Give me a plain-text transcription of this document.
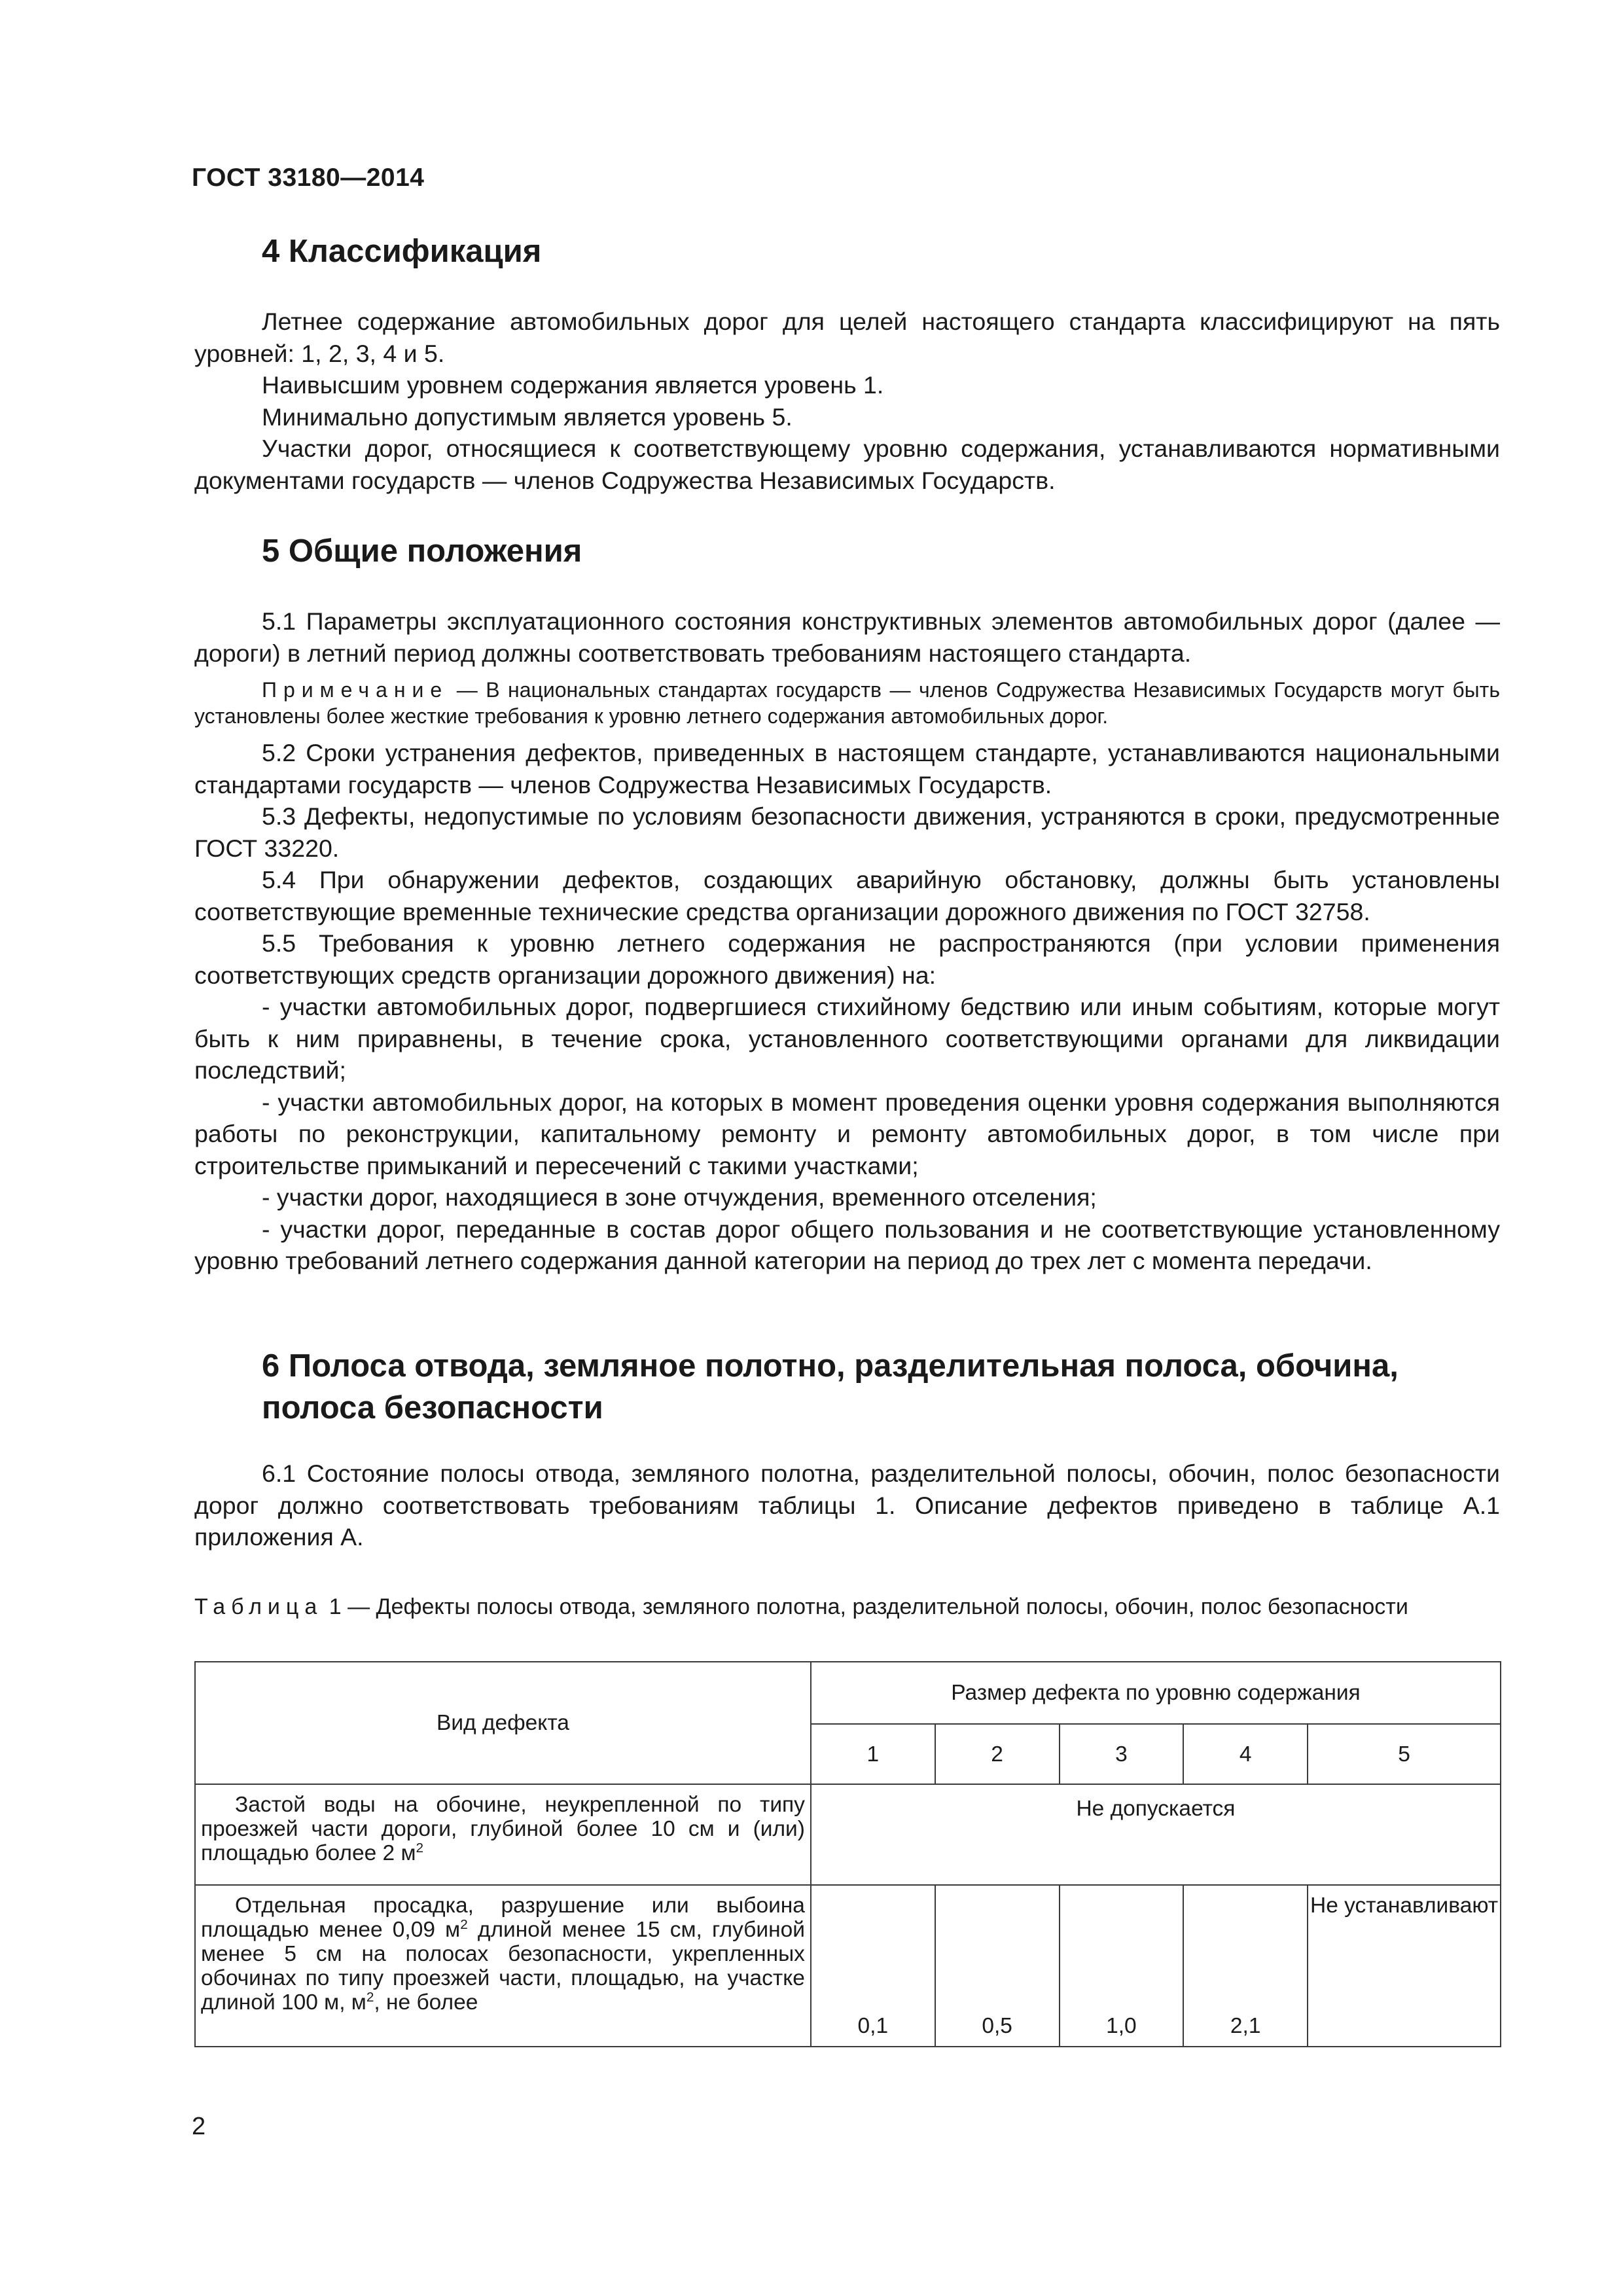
ГОСТ 33180—2014
4 Классификация

Летнее содержание автомобильных дорог для целей настоящего стандарта классифицируют на пять уровней: 1, 2, 3, 4 и 5.

Наивысшим уровнем содержания является уровень 1.

Минимально допустимым является уровень 5.

Участки дорог, относящиеся к соответствующему уровню содержания, устанавливаются нормативными документами государств — членов Содружества Независимых Государств.

5 Общие положения

5.1 Параметры эксплуатационного состояния конструктивных элементов автомобильных дорог (далее — дороги) в летний период должны соответствовать требованиям настоящего стандарта.

Примечание — В национальных стандартах государств — членов Содружества Независимых Государств могут быть установлены более жесткие требования к уровню летнего содержания автомобильных дорог.

5.2 Сроки устранения дефектов, приведенных в настоящем стандарте, устанавливаются национальными стандартами государств — членов Содружества Независимых Государств.

5.3 Дефекты, недопустимые по условиям безопасности движения, устраняются в сроки, предусмотренные ГОСТ 33220.

5.4 При обнаружении дефектов, создающих аварийную обстановку, должны быть установлены соответствующие временные технические средства организации дорожного движения по ГОСТ 32758.

5.5 Требования к уровню летнего содержания не распространяются (при условии применения соответствующих средств организации дорожного движения) на:

- участки автомобильных дорог, подвергшиеся стихийному бедствию или иным событиям, которые могут быть к ним приравнены, в течение срока, установленного соответствующими органами для ликвидации последствий;

- участки автомобильных дорог, на которых в момент проведения оценки уровня содержания выполняются работы по реконструкции, капитальному ремонту и ремонту автомобильных дорог, в том числе при строительстве примыканий и пересечений с такими участками;

- участки дорог, находящиеся в зоне отчуждения, временного отселения;

- участки дорог, переданные в состав дорог общего пользования и не соответствующие установленному уровню требований летнего содержания данной категории на период до трех лет с момента передачи.

6 Полоса отвода, земляное полотно, разделительная полоса, обочина,
полоса безопасности

6.1 Состояние полосы отвода, земляного полотна, разделительной полосы, обочин, полос безопасности дорог должно соответствовать требованиям таблицы 1. Описание дефектов приведено в таблице А.1 приложения А.

Таблица 1 — Дефекты полосы отвода, земляного полотна, разделительной полосы, обочин, полос безопасности
Вид дефекта	Размер дефекта по уровню содержания				
	1	2	3	4	5
Застой воды на обочине, неукрепленной по типу проезжей части дороги, глубиной более 10 см и (или) площадью более 2 $м^2$	Не допускается				
Отдельная просадка, разрушение или выбоина площадью менее 0,09 $м^2$ длиной менее 15 см, глубиной менее 5 см на полосах безопасности, укрепленных обочинах по типу проезжей части, площадью, на участке длиной 100 м, $м^2$, не более	0,1	0,5	1,0	2,1	Не устанавливают
2
